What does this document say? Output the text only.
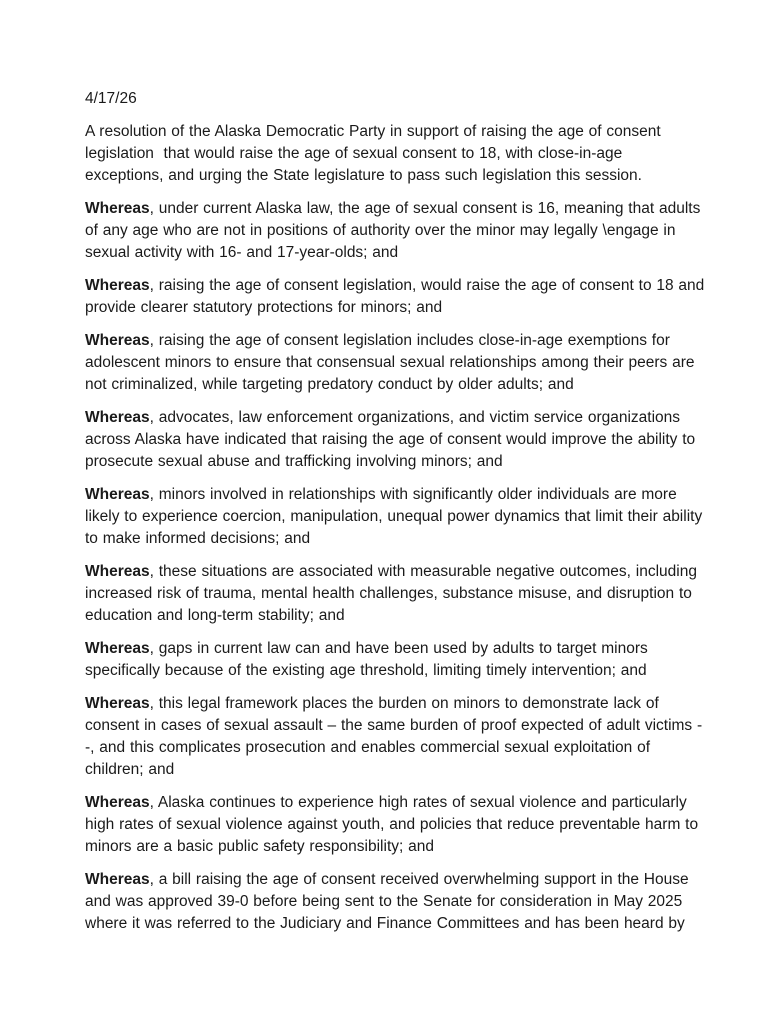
4/17/26

A resolution of the Alaska Democratic Party in support of raising the age of consent legislation  that would raise the age of sexual consent to 18, with close-in-age exceptions, and urging the State legislature to pass such legislation this session.

Whereas, under current Alaska law, the age of sexual consent is 16, meaning that adults of any age who are not in positions of authority over the minor may legally \engage in sexual activity with 16- and 17-year-olds; and

Whereas, raising the age of consent legislation, would raise the age of consent to 18 and provide clearer statutory protections for minors; and

Whereas, raising the age of consent legislation includes close-in-age exemptions for adolescent minors to ensure that consensual sexual relationships among their peers are not criminalized, while targeting predatory conduct by older adults; and

Whereas, advocates, law enforcement organizations, and victim service organizations across Alaska have indicated that raising the age of consent would improve the ability to prosecute sexual abuse and trafficking involving minors; and

Whereas, minors involved in relationships with significantly older individuals are more likely to experience coercion, manipulation, unequal power dynamics that limit their ability to make informed decisions; and

Whereas, these situations are associated with measurable negative outcomes, including increased risk of trauma, mental health challenges, substance misuse, and disruption to education and long-term stability; and

Whereas, gaps in current law can and have been used by adults to target minors specifically because of the existing age threshold, limiting timely intervention; and

Whereas, this legal framework places the burden on minors to demonstrate lack of consent in cases of sexual assault – the same burden of proof expected of adult victims --, and this complicates prosecution and enables commercial sexual exploitation of children; and

Whereas, Alaska continues to experience high rates of sexual violence and particularly high rates of sexual violence against youth, and policies that reduce preventable harm to minors are a basic public safety responsibility; and

Whereas, a bill raising the age of consent received overwhelming support in the House and was approved 39-0 before being sent to the Senate for consideration in May 2025 where it was referred to the Judiciary and Finance Committees and has been heard by
